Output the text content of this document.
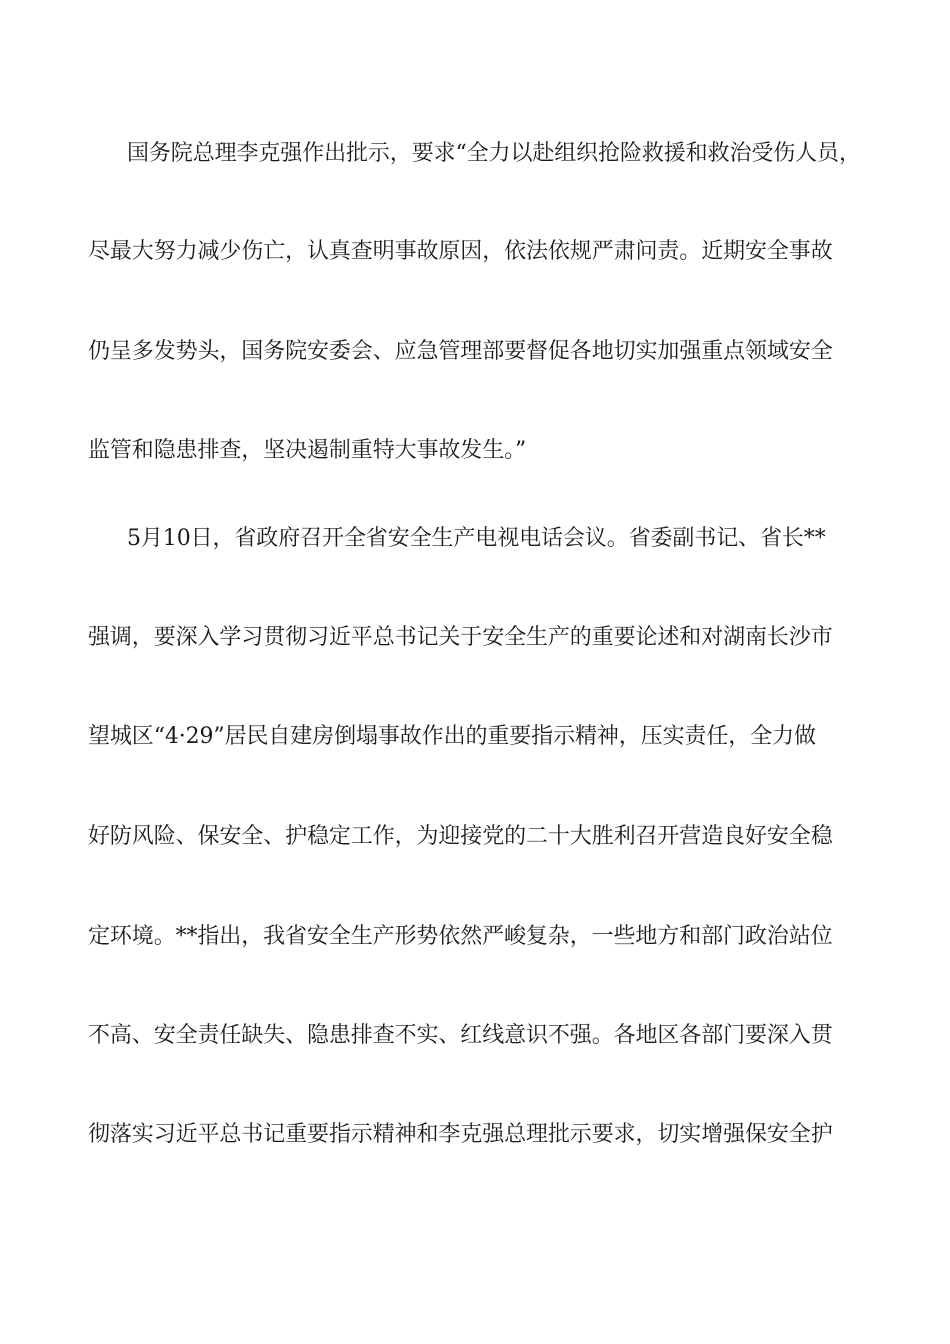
国务院总理李克强作出批示，要求“全力以赴组织抢险救援和救治受伤人员，
尽最大努力减少伤亡，认真查明事故原因，依法依规严肃问责。近期安全事故
仍呈多发势头，国务院安委会、应急管理部要督促各地切实加强重点领域安全
监管和隐患排查，坚决遏制重特大事故发生。”
5月10日，省政府召开全省安全生产电视电话会议。省委副书记、省长**
强调，要深入学习贯彻习近平总书记关于安全生产的重要论述和对湖南长沙市
望城区“4·29”居民自建房倒塌事故作出的重要指示精神，压实责任，全力做
好防风险、保安全、护稳定工作，为迎接党的二十大胜利召开营造良好安全稳
定环境。**指出，我省安全生产形势依然严峻复杂，一些地方和部门政治站位
不高、安全责任缺失、隐患排查不实、红线意识不强。各地区各部门要深入贯
彻落实习近平总书记重要指示精神和李克强总理批示要求，切实增强保安全护
